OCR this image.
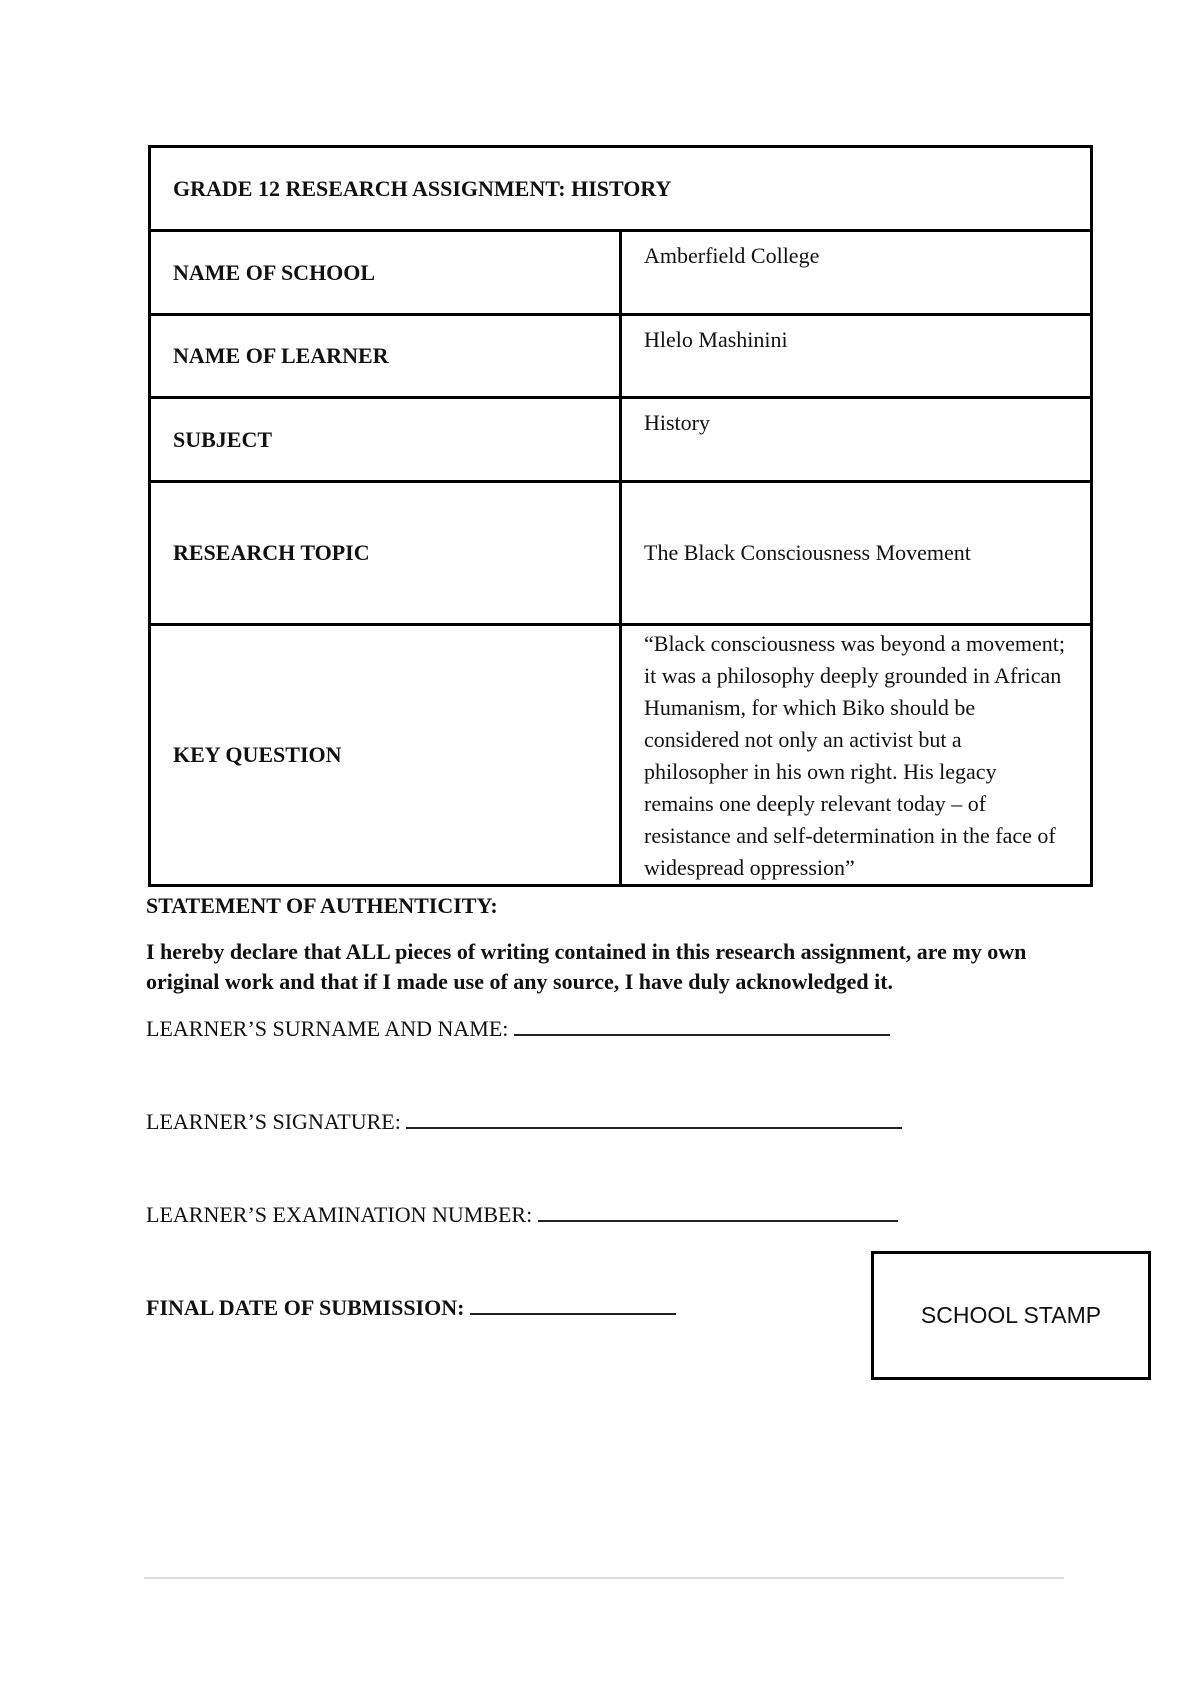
GRADE 12 RESEARCH ASSIGNMENT: HISTORY	
NAME OF SCHOOL	Amberfield College
NAME OF LEARNER	Hlelo Mashinini
SUBJECT	History
RESEARCH TOPIC	The Black Consciousness Movement
KEY QUESTION	“Black consciousness was beyond a movement; it was a philosophy deeply grounded in African Humanism, for which Biko should be considered not only an activist but a philosopher in his own right. His legacy remains one deeply relevant today – of resistance and self-determination in the face of widespread oppression”
STATEMENT OF AUTHENTICITY:
I hereby declare that ALL pieces of writing contained in this research assignment, are my own original work and that if I made use of any source, I have duly acknowledged it.
LEARNER’S SURNAME AND NAME:
LEARNER’S SIGNATURE:
LEARNER’S EXAMINATION NUMBER:
FINAL DATE OF SUBMISSION:	SCHOOL STAMP
